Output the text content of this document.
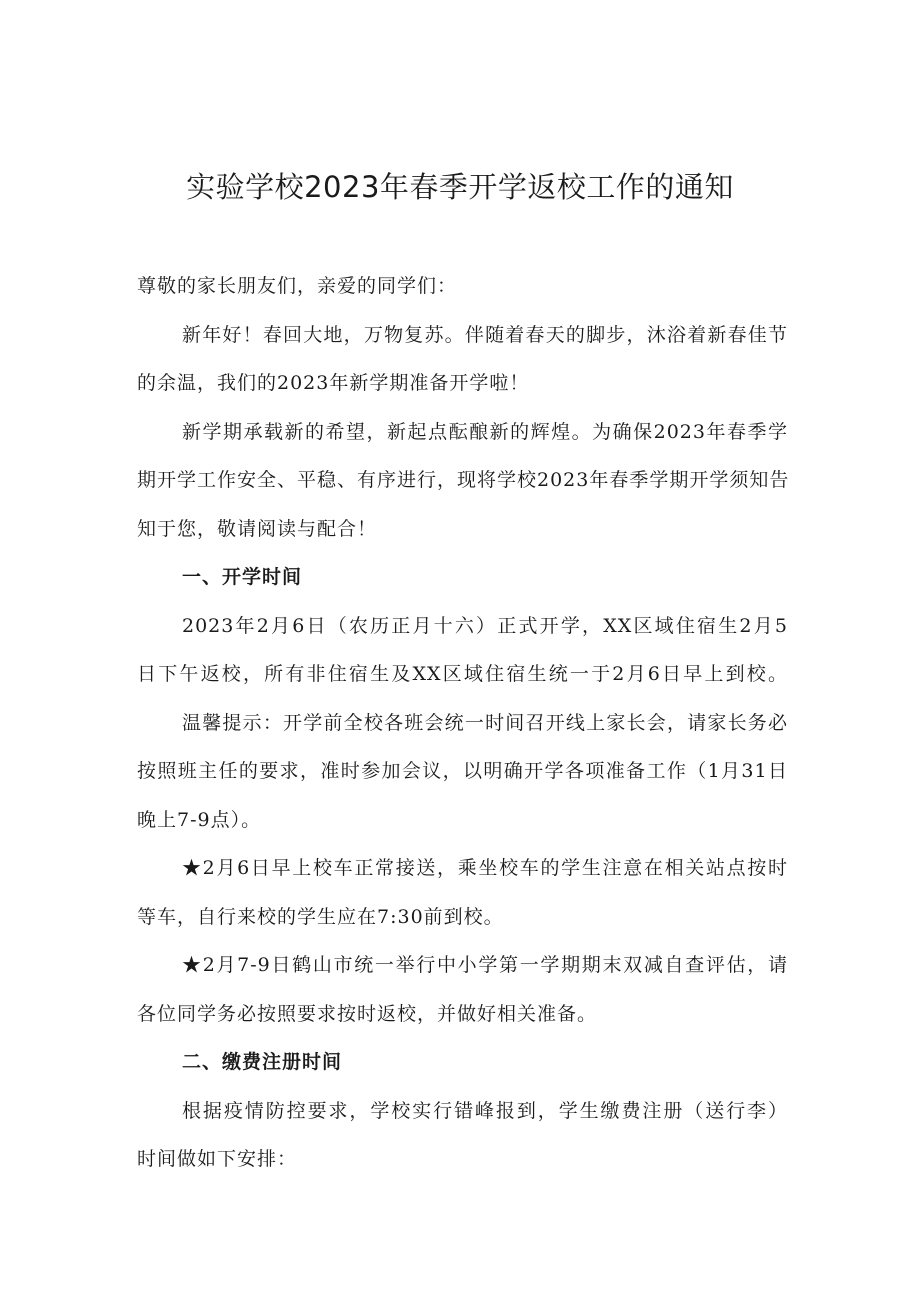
实验学校2023年春季开学返校工作的通知
尊敬的家长朋友们，亲爱的同学们：
新年好！春回大地，万物复苏。伴随着春天的脚步，沐浴着新春佳节
的余温，我们的2023年新学期准备开学啦！
新学期承载新的希望，新起点酝酿新的辉煌。为确保2023年春季学
期开学工作安全、平稳、有序进行，现将学校2023年春季学期开学须知告
知于您，敬请阅读与配合！
一、开学时间
2023年2月6日（农历正月十六）正式开学，XX区域住宿生2月5
日下午返校，所有非住宿生及XX区域住宿生统一于2月6日早上到校。
温馨提示：开学前全校各班会统一时间召开线上家长会，请家长务必
按照班主任的要求，准时参加会议，以明确开学各项准备工作（1月31日
晚上7-9点）。
★2月6日早上校车正常接送，乘坐校车的学生注意在相关站点按时
等车，自行来校的学生应在7:30前到校。
★2月7-9日鹤山市统一举行中小学第一学期期末双减自查评估，请
各位同学务必按照要求按时返校，并做好相关准备。
二、缴费注册时间
根据疫情防控要求，学校实行错峰报到，学生缴费注册（送行李）
时间做如下安排：
